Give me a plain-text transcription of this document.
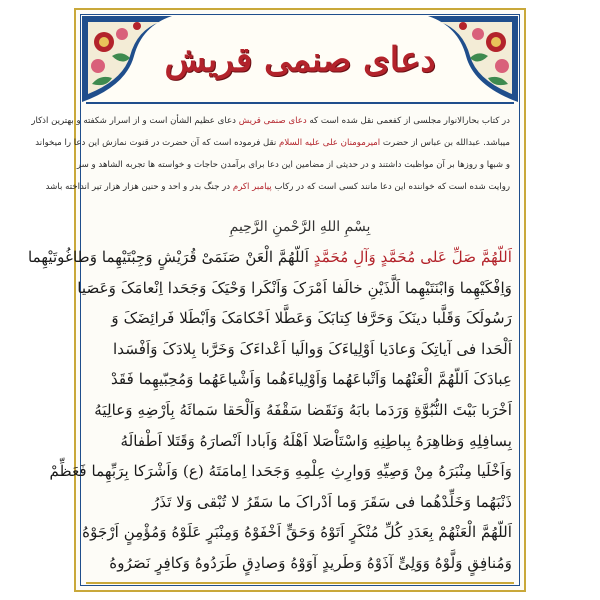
دعای صنمی قریش
در کتاب بحارالانوار مجلسی از کفعمی نقل شده است که دعای صنمی قریش دعای عظیم الشأن است و از اسرار شکفته و بهترین اذکار
میباشد. عبدالله بن عباس از حضرت امیرمومنان علی علیه السلام نقل فرموده است که آن حضرت در قنوت نمازش این دعا را میخواند
و شبها و روزها بر آن مواظبت داشتند و در حدیثی از مضامین این دعا برای برآمدن حاجات و خواسته ها تجربه الشاهد و سر
روایت شده است که خواننده این دعا مانند کسی است که در رکاب پیامبر اکرم در جنگ بدر و احد و حنین هزار هزار تیر انداخته باشد
بِسْمِ اللهِ الرَّحْمنِ الرَّحِیمِ
اَللّهُمَّ صَلِّ عَلی مُحَمَّدٍ وَآلِ مُحَمَّدٍ اَللّهُمَّ الْعَنْ صَنَمَیْ قُرَیْشٍ وَجِبْتَیْهِما وَطاغُوتَیْهِما
وَاِفْکَیْهِما وَابْنَتَیْهِما اَلَّذَیْنِ خالَفا اَمْرَکَ وَاَنْکَرا وَحْیَکَ وَجَحَدا اِنْعامَکَ وَعَصَیا
رَسُولَکَ وَقَلَّبا دینَکَ وَحَرَّفا کِتابَکَ وَعَطَّلا اَحْکامَکَ وَاَبْطَلا فَرائِضَکَ وَ
اَلْحَدا فی آیاتِکَ وَعادَیا اَوْلِیاءَکَ وَوالَیا اَعْداءَکَ وَخَرَّبا بِلادَکَ وَاَفْسَدا
عِبادَکَ اَللّهُمَّ الْعَنْهُما وَاَتْباعَهُما وَاَوْلِیاءَهُما وَاَشْیاعَهُما وَمُحِبّیهِما فَقَدْ
اَخْرَبا بَیْتَ النُّبُوَّةِ وَرَدَما بابَهُ وَنَقَضا سَقْفَهُ وَاَلْحَقا سَمائَهُ بِاَرْضِهِ وَعالِیَهُ
بِسافِلِهِ وَظاهِرَهُ بِباطِنِهِ وَاسْتَاْصَلا اَهْلَهُ وَاَبادا اَنْصارَهُ وَقَتَلا اَطْفالَهُ
وَاَخْلَیا مِنْبَرَهُ مِنْ وَصِیِّهِ وَوارِثِ عِلْمِهِ وَجَحَدا اِمامَتَهُ (ع) وَاَشْرَکا بِرَبِّهِما فَعَظِّمْ
ذَنْبَهُما وَخَلِّدْهُما فی سَقَرَ وَما اَدْراکَ ما سَقَرُ لا تُبْقی وَلا تَذَرُ
اَللّهُمَّ الْعَنْهُمْ بِعَدَدِ کُلِّ مُنْکَرٍ اَتَوْهُ وَحَقٍّ اَخْفَوْهُ وَمِنْبَرٍ عَلَوْهُ وَمُؤْمِنٍ اَرْجَوْهُ
وَمُنافِقٍ وَلَّوْهُ وَوَلِیٍّ آذَوْهُ وَطَریدٍ آوَوْهُ وَصادِقٍ طَرَدُوهُ وَکافِرٍ نَصَرُوهُ
